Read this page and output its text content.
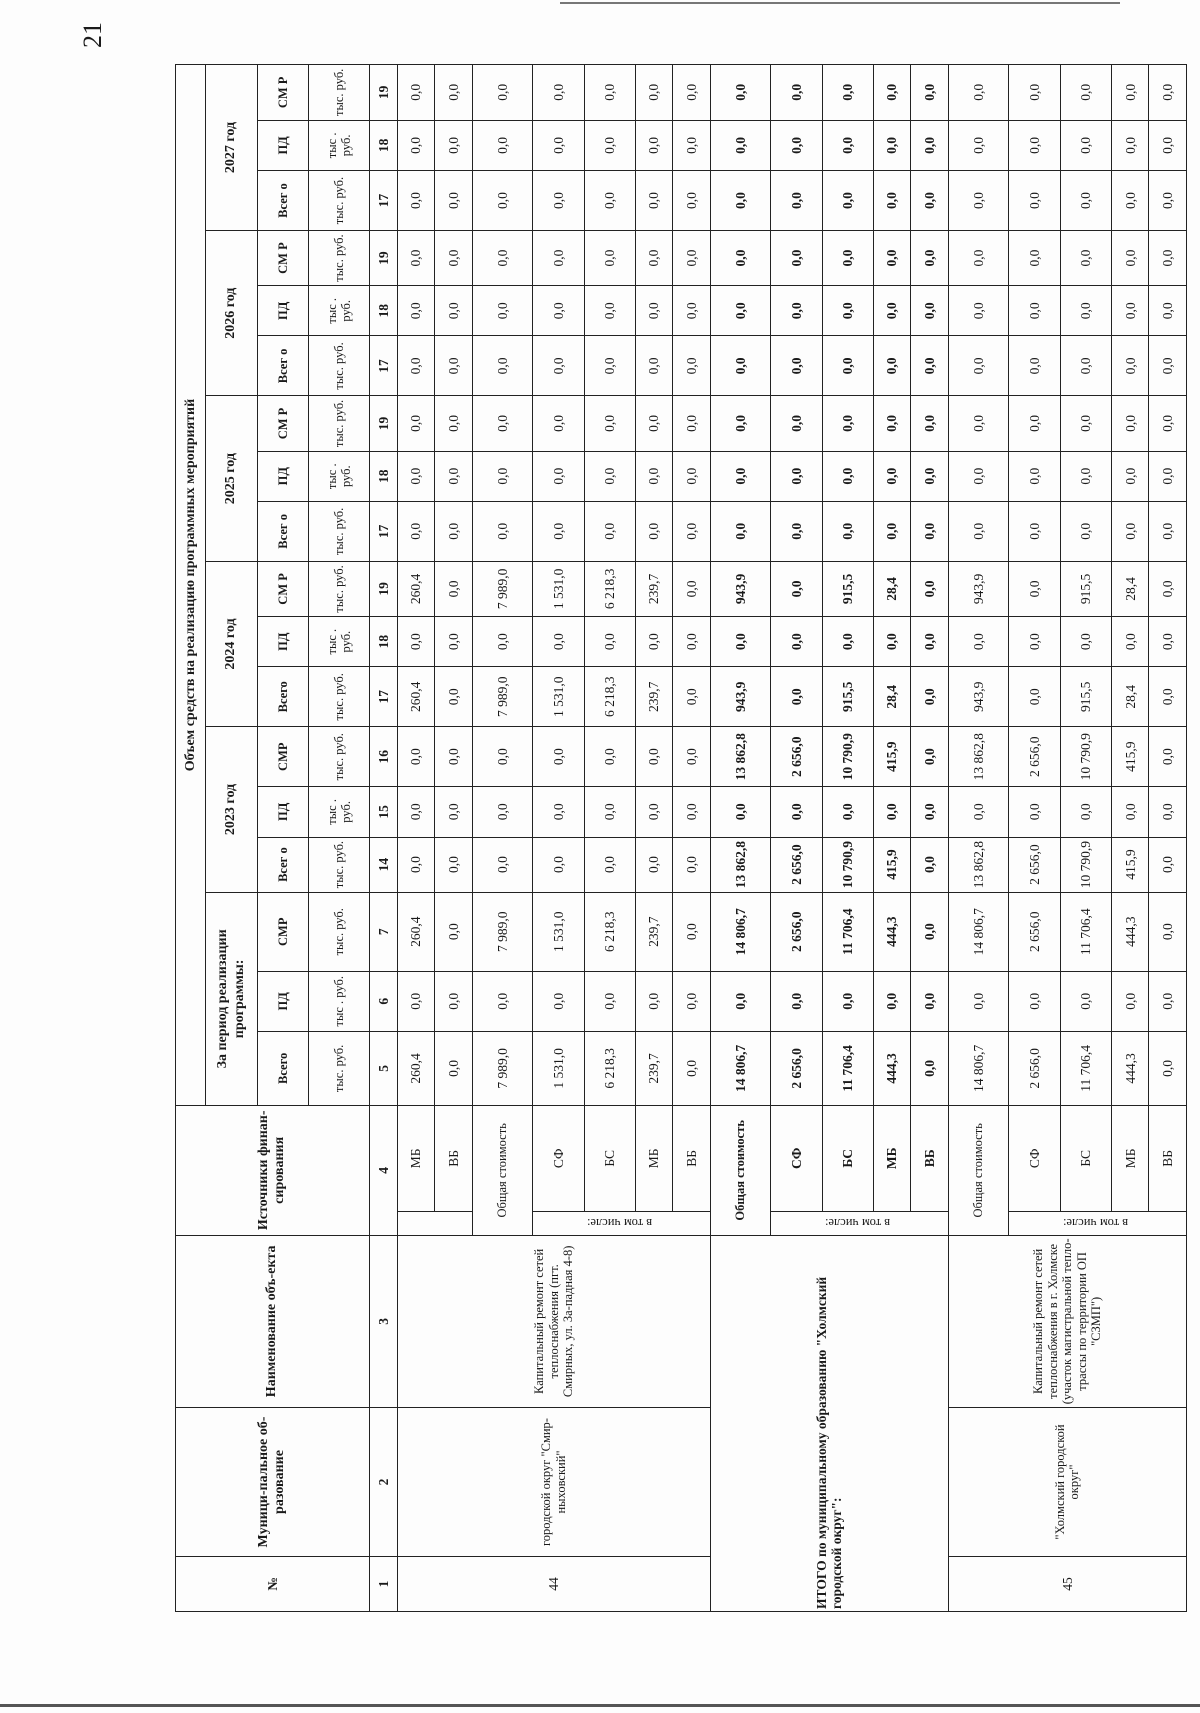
21
№	Муници-пальное об-разование	Наименование объ-екта	Источники финан-сирования		Объем средств на реализацию программных мероприятий																	
					За период реализации программы:			2023 год			2024 год			2025 год			2026 год			2027 год		
					Всего	ПД	СМР	Всег о	ПД	СМР	Всего	ПД	СМ Р	Всег о	ПД	СМ Р	Всег о	ПД	СМ Р	Всег о	ПД	СМ Р
					тыс. руб.	тыс . руб.	тыс. руб.	тыс. руб.	тыс . руб.	тыс. руб.	тыс. руб.	тыс . руб.	тыс. руб.	тыс. руб.	тыс . руб.	тыс. руб.	тыс. руб.	тыс . руб.	тыс. руб.	тыс. руб.	тыс . руб.	тыс. руб.
1	2	3	4		5	6	7	14	15	16	17	18	19	17	18	19	17	18	19	17	18	19
44	городской округ "Смир-ныховский"	Капитальный ремонт сетей теплоснабжения (пгт. Смирных, ул. За-падная 4-8)		МБ	260,4	0,0	260,4	0,0	0,0	0,0	260,4	0,0	260,4	0,0	0,0	0,0	0,0	0,0	0,0	0,0	0,0	0,0
				ВБ	0,0	0,0	0,0	0,0	0,0	0,0	0,0	0,0	0,0	0,0	0,0	0,0	0,0	0,0	0,0	0,0	0,0	0,0
			Общая стоимость		7 989,0	0,0	7 989,0	0,0	0,0	0,0	7 989,0	0,0	7 989,0	0,0	0,0	0,0	0,0	0,0	0,0	0,0	0,0	0,0
			в том числе:	СФ	1 531,0	0,0	1 531,0	0,0	0,0	0,0	1 531,0	0,0	1 531,0	0,0	0,0	0,0	0,0	0,0	0,0	0,0	0,0	0,0
				БС	6 218,3	0,0	6 218,3	0,0	0,0	0,0	6 218,3	0,0	6 218,3	0,0	0,0	0,0	0,0	0,0	0,0	0,0	0,0	0,0
				МБ	239,7	0,0	239,7	0,0	0,0	0,0	239,7	0,0	239,7	0,0	0,0	0,0	0,0	0,0	0,0	0,0	0,0	0,0
				ВБ	0,0	0,0	0,0	0,0	0,0	0,0	0,0	0,0	0,0	0,0	0,0	0,0	0,0	0,0	0,0	0,0	0,0	0,0
ИТОГО по муниципальному образованию "Холмский городской округ":			Общая стоимость		14 806,7	0,0	14 806,7	13 862,8	0,0	13 862,8	943,9	0,0	943,9	0,0	0,0	0,0	0,0	0,0	0,0	0,0	0,0	0,0
			в том числе:	СФ	2 656,0	0,0	2 656,0	2 656,0	0,0	2 656,0	0,0	0,0	0,0	0,0	0,0	0,0	0,0	0,0	0,0	0,0	0,0	0,0
				БС	11 706,4	0,0	11 706,4	10 790,9	0,0	10 790,9	915,5	0,0	915,5	0,0	0,0	0,0	0,0	0,0	0,0	0,0	0,0	0,0
				МБ	444,3	0,0	444,3	415,9	0,0	415,9	28,4	0,0	28,4	0,0	0,0	0,0	0,0	0,0	0,0	0,0	0,0	0,0
				ВБ	0,0	0,0	0,0	0,0	0,0	0,0	0,0	0,0	0,0	0,0	0,0	0,0	0,0	0,0	0,0	0,0	0,0	0,0
45	"Холмский городской округ"	Капитальный ремонт сетей теплоснабжения в г. Холмске (участок магистральной тепло-трассы по территории ОП "СЗМП")	Общая стоимость		14 806,7	0,0	14 806,7	13 862,8	0,0	13 862,8	943,9	0,0	943,9	0,0	0,0	0,0	0,0	0,0	0,0	0,0	0,0	0,0
			в том числе:	СФ	2 656,0	0,0	2 656,0	2 656,0	0,0	2 656,0	0,0	0,0	0,0	0,0	0,0	0,0	0,0	0,0	0,0	0,0	0,0	0,0
				БС	11 706,4	0,0	11 706,4	10 790,9	0,0	10 790,9	915,5	0,0	915,5	0,0	0,0	0,0	0,0	0,0	0,0	0,0	0,0	0,0
				МБ	444,3	0,0	444,3	415,9	0,0	415,9	28,4	0,0	28,4	0,0	0,0	0,0	0,0	0,0	0,0	0,0	0,0	0,0
				ВБ	0,0	0,0	0,0	0,0	0,0	0,0	0,0	0,0	0,0	0,0	0,0	0,0	0,0	0,0	0,0	0,0	0,0	0,0
